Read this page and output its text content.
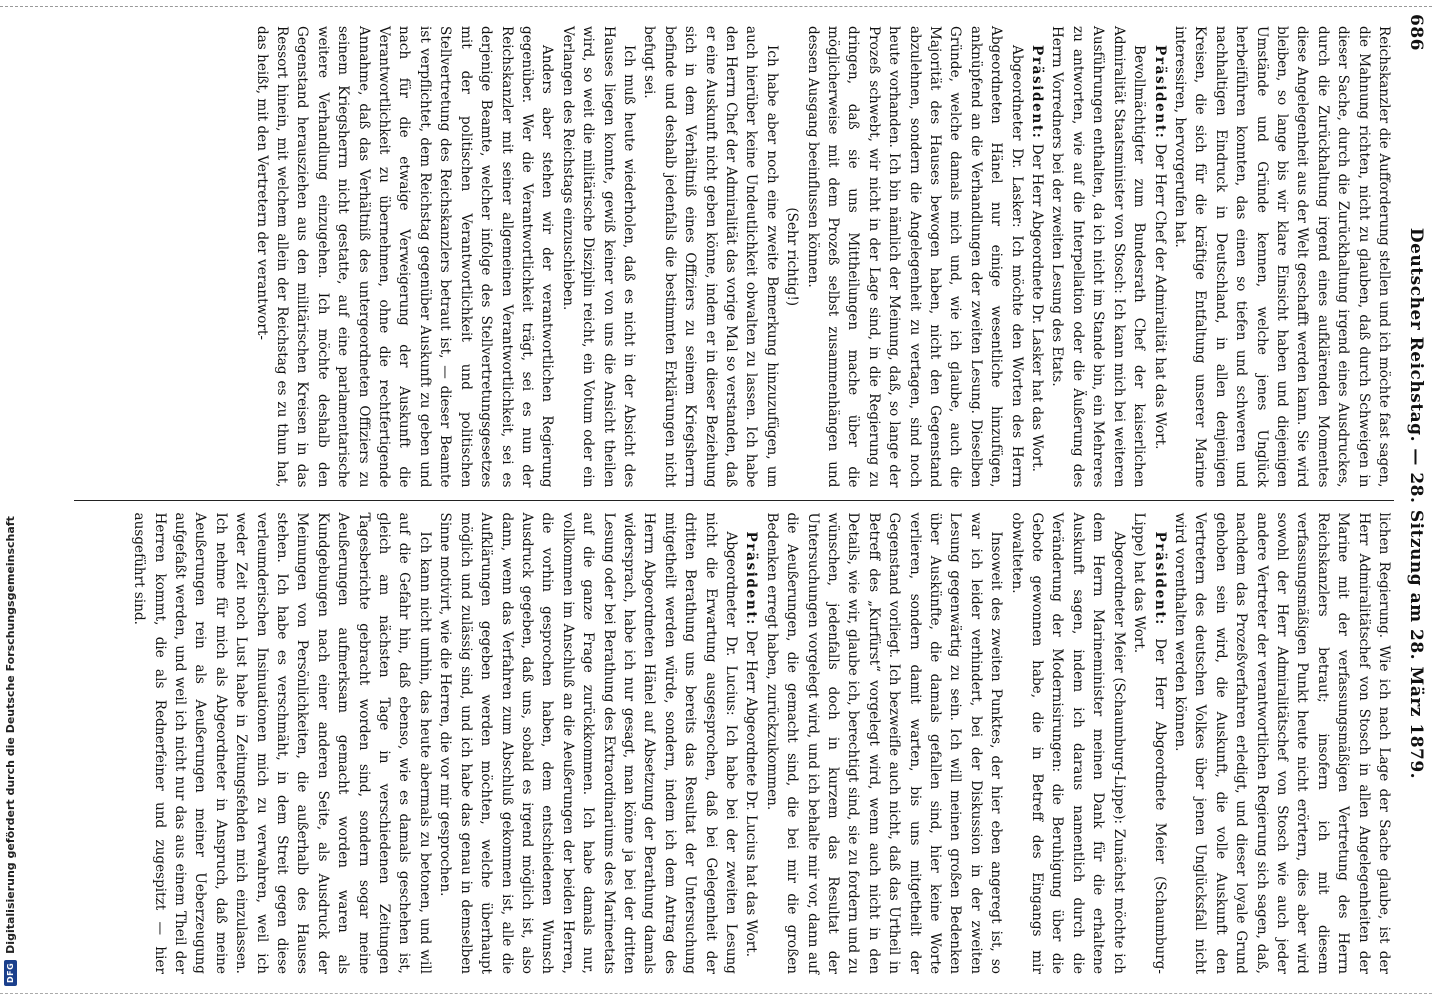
686
Deutscher Reichstag. — 28. Sitzung am 28. März 1879.

Reichskanzler die Aufforderung stellen und ich möchte fast sagen, die Mahnung richten, nicht zu glauben, daß durch Schweigen in dieser Sache, durch die Zurückhaltung irgend eines Ausdruckes, durch die Zurückhaltung irgend eines aufklärenden Momentes diese Angelegenheit aus der Welt geschafft werden kann. Sie wird bleiben, so lange bis wir klare Einsicht haben und diejenigen Umstände und Gründe kennen, welche jenes Unglück herbeiführen konnten, das einen so tiefen und schweren und nachhaltigen Eindruck in Deutschland, in allen denjenigen Kreisen, die sich für die kräftige Entfaltung unserer Marine interessiren, hervorgerufen hat.

Präsident: Der Herr Chef der Admiralität hat das Wort.

Bevollmächtigter zum Bundesrath Chef der kaiserlichen Admiralität Staatsminister von Stosch: Ich kann mich bei weiteren Ausführungen enthalten, da ich nicht im Stande bin, ein Mehreres zu antworten, wie auf die Interpellation oder die Äußerung des Herrn Vorredners bei der zweiten Lesung des Etats.

Präsident: Der Herr Abgeordnete Dr. Lasker hat das Wort.

Abgeordneter Dr. Lasker: Ich möchte den Worten des Herrn Abgeordneten Hänel nur einige wesentliche hinzufügen, anknüpfend an die Verhandlungen der zweiten Lesung. Dieselben Gründe, welche damals mich und, wie ich glaube, auch die Majorität des Hauses bewogen haben, nicht den Gegenstand abzulehnen, sondern die Angelegenheit zu vertagen, sind noch heute vorhanden. Ich bin nämlich der Meinung, daß, so lange der Prozeß schwebt, wir nicht in der Lage sind, in die Regierung zu dringen, daß sie uns Mittheilungen mache über die möglicherweise mit dem Prozeß selbst zusammenhängen und dessen Ausgang beeinflussen können.

(Sehr richtig!)

Ich habe aber noch eine zweite Bemerkung hinzuzufügen, um auch hierüber keine Undeutlichkeit obwalten zu lassen. Ich habe den Herrn Chef der Admiralität das vorige Mal so verstanden, daß er eine Auskunft nicht geben könne, indem er in dieser Beziehung sich in dem Verhältniß eines Offiziers zu seinem Kriegsherrn befinde und deshalb jedenfalls die bestimmten Erklärungen nicht befugt sei.

Ich muß heute wiederholen, daß es nicht in der Absicht des Hauses liegen konnte, gewiß keiner von uns die Ansicht theilen wird, so weit die militärische Disziplin reicht, ein Votum oder ein Verlangen des Reichstags einzuschieben.

Anders aber stehen wir der verantwortlichen Regierung gegenüber. Wer die Verantwortlichkeit trägt, sei es nun der Reichskanzler mit seiner allgemeinen Verantwortlichkeit, sei es derjenige Beamte, welcher infolge des Stellvertretungsgesetzes mit der politischen Verantwortlichkeit und politischen Stellvertretung des Reichskanzlers betraut ist, — dieser Beamte ist verpflichtet, dem Reichstag gegenüber Auskunft zu geben und nach für die etwaige Verweigerung der Auskunft die Verantwortlichkeit zu übernehmen, ohne die rechtfertigende Annahme, daß das Verhältniß des untergeordneten Offiziers zu seinem Kriegsherrn nicht gestatte, auf eine parlamentarische weitere Verhandlung einzugehen. Ich möchte deshalb den Gegenstand herausziehen aus den militärischen Kreisen in das Ressort hinein, mit welchem allein der Reichstag es zu thun hat, das heißt, mit den Vertretern der verantwort-

lichen Regierung. Wie ich nach Lage der Sache glaube, ist der Herr Admiralitätschef von Stosch in allen Angelegenheiten der Marine mit der verfassungsmäßigen Vertretung des Herrn Reichskanzlers betraut; insofern ich mit diesem verfassungsmäßigen Punkt heute nicht erörtern, dies aber wird sowohl der Herr Admiralitätschef von Stosch wie auch jeder andere Vertreter der verantwortlichen Regierung sich sagen, daß, nachdem das Prozeßverfahren erledigt, und dieser loyale Grund gehoben sein wird, die Auskunft, die volle Auskunft den Vertretern des deutschen Volkes über jenen Unglücksfall nicht wird vorenthalten werden können.

Präsident: Der Herr Abgeordnete Meier (Schaumburg-Lippe) hat das Wort.

Abgeordneter Meier (Schaumburg-Lippe): Zunächst möchte ich dem Herrn Marineminister meinen Dank für die erhaltene Auskunft sagen, indem ich daraus namentlich durch die Veränderung der Modernisirungen: die Beruhigung über die Gebote gewonnen habe, die in Betreff des Eingangs mir obwalteten.

Insoweit des zweiten Punktes, der hier eben angeregt ist, so war ich leider verhindert, bei der Diskussion in der zweiten Lesung gegenwärtig zu sein. Ich will meinen großen Bedenken über Auskünfte, die damals gefallen sind, hier keine Worte verlieren, sondern damit warten, bis uns mitgetheilt der Gegenstand vorliegt. Ich bezweifle auch nicht, daß das Urtheil in Betreff des „Kurfürst“ vorgelegt wird, wenn auch nicht in den Details, wie wir, glaube ich, berechtigt sind, sie zu fordern und zu wünschen, jedenfalls doch in kurzem das Resultat der Untersuchungen vorgelegt wird, und ich behalte mir vor, dann auf die Aeußerungen, die gemacht sind, die bei mir die großen Bedenken erregt haben, zurückzukommen.

Präsident: Der Herr Abgeordnete Dr. Lucius hat das Wort.

Abgeordneter Dr. Lucius: Ich habe bei der zweiten Lesung nicht die Erwartung ausgesprochen, daß bei Gelegenheit der dritten Berathung uns bereits das Resultat der Untersuchung mitgetheilt werden würde, sondern, indem ich dem Antrag des Herrn Abgeordneten Hänel auf Absetzung der Berathung damals widersprach, habe ich nur gesagt, man könne ja bei der dritten Lesung oder bei Berathung des Extraordinariums des Marineetats auf die ganze Frage zurückkommen. Ich habe damals nur, vollkommen im Anschluß an die Aeußerungen der beiden Herren, die vorhin gesprochen haben, dem entschiedenen Wunsch Ausdruck gegeben, daß uns, sobald es irgend möglich ist, also dann, wenn das Verfahren zum Abschluß gekommen ist, alle die Aufklärungen gegeben werden möchten, welche überhaupt möglich und zulässig sind, und ich habe das genau in demselben Sinne motivirt, wie die Herren, die vor mir gesprochen.

Ich kann nicht umhin, das heute abermals zu betonen, und will auf die Gefahr hin, daß ebenso, wie es damals geschehen ist, gleich am nächsten Tage in verschiedenen Zeitungen Tagesberichte gebracht worden sind, sondern sogar meine Aeußerungen aufmerksam gemacht worden waren als Kundgebungen nach einer anderen Seite, als Ausdruck der Meinungen von Persönlichkeiten, die außerhalb des Hauses stehen. Ich habe es verschmäht, in dem Streit gegen diese verleumderischen Insinuationen mich zu verwahren, weil ich weder Zeit noch Lust habe in Zeitungsfehden mich einzulassen. Ich nehme für mich als Abgeordneter in Anspruch, daß meine Aeußerungen rein als Aeußerungen meiner Ueberzeugung aufgefaßt werden, und weil ich nicht nur das aus einem Theil der Herren kommt, die als Rednerfeiner und zugespitzt — hier ausgeführt sind.

DFG
Digitalisierung gefördert durch die Deutsche Forschungsgemeinschaft
